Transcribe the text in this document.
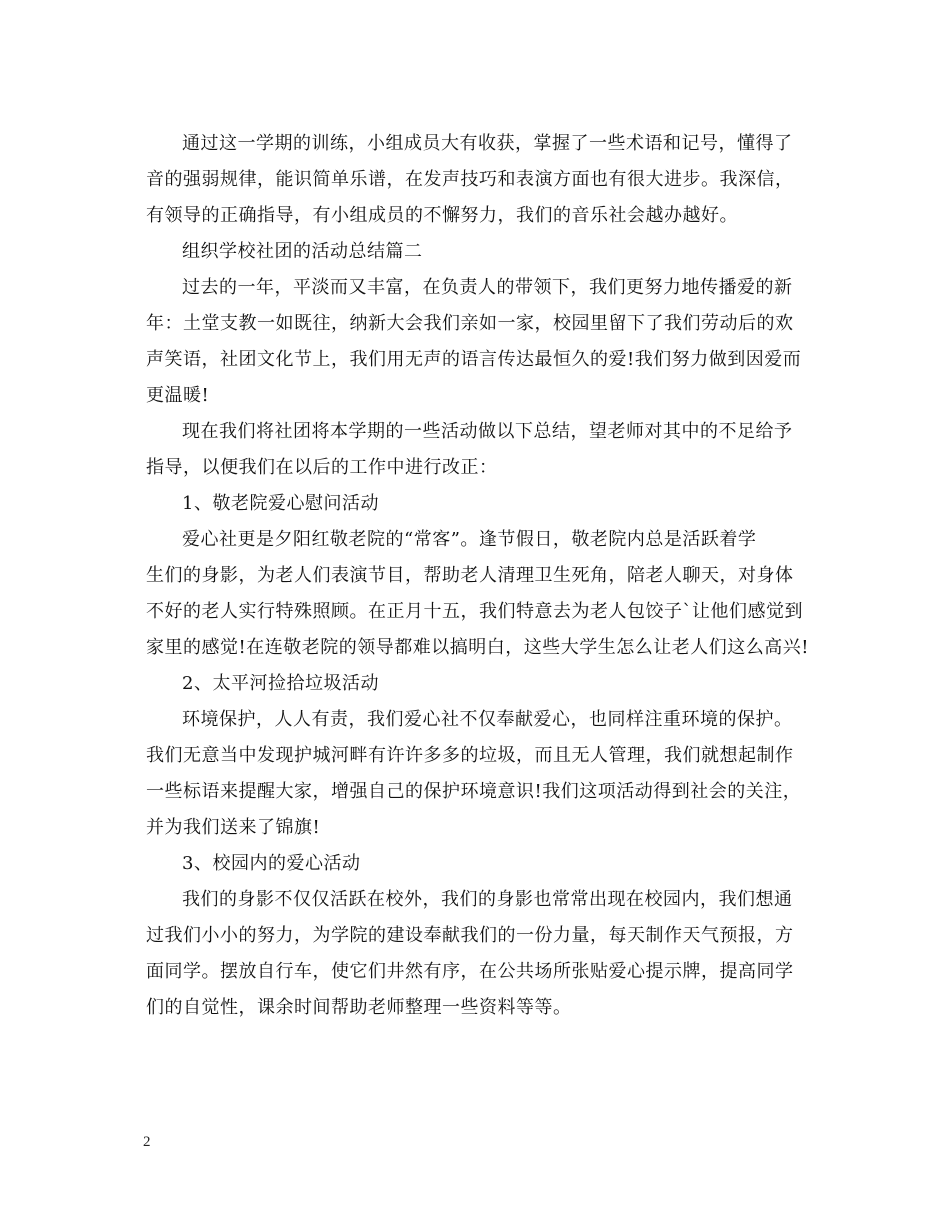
通过这一学期的训练，小组成员大有收获，掌握了一些术语和记号，懂得了
音的强弱规律，能识简单乐谱，在发声技巧和表演方面也有很大进步。我深信，
有领导的正确指导，有小组成员的不懈努力，我们的音乐社会越办越好。
组织学校社团的活动总结篇二
过去的一年，平淡而又丰富，在负责人的带领下，我们更努力地传播爱的新
年：土堂支教一如既往，纳新大会我们亲如一家，校园里留下了我们劳动后的欢
声笑语，社团文化节上，我们用无声的语言传达最恒久的爱!我们努力做到因爱而
更温暖!
现在我们将社团将本学期的一些活动做以下总结，望老师对其中的不足给予
指导，以便我们在以后的工作中进行改正：
1、敬老院爱心慰问活动
爱心社更是夕阳红敬老院的“常客”。逢节假日，敬老院内总是活跃着学
生们的身影，为老人们表演节目，帮助老人清理卫生死角，陪老人聊天，对身体
不好的老人实行特殊照顾。在正月十五，我们特意去为老人包饺子`让他们感觉到
家里的感觉!在连敬老院的领导都难以搞明白，这些大学生怎么让老人们这么高兴!
2、太平河捡拾垃圾活动
环境保护，人人有责，我们爱心社不仅奉献爱心，也同样注重环境的保护。
我们无意当中发现护城河畔有许许多多的垃圾，而且无人管理，我们就想起制作
一些标语来提醒大家，增强自己的保护环境意识!我们这项活动得到社会的关注，
并为我们送来了锦旗!
3、校园内的爱心活动
我们的身影不仅仅活跃在校外，我们的身影也常常出现在校园内，我们想通
过我们小小的努力，为学院的建设奉献我们的一份力量，每天制作天气预报，方
面同学。摆放自行车，使它们井然有序，在公共场所张贴爱心提示牌，提高同学
们的自觉性，课余时间帮助老师整理一些资料等等。
2
